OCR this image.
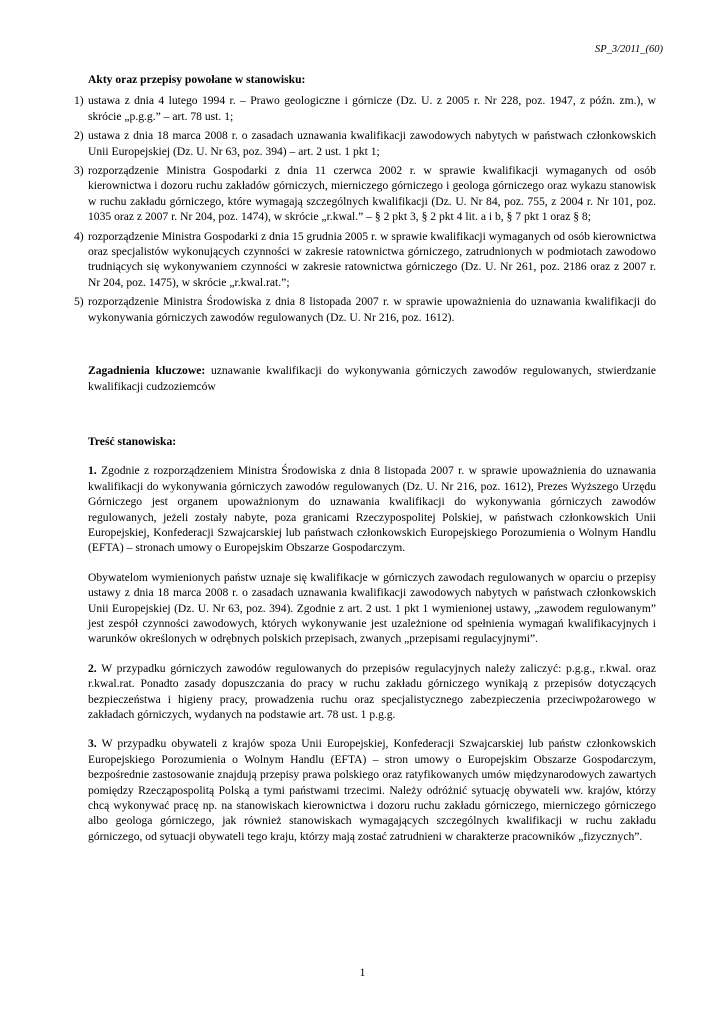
SP_3/2011_(60)

Akty oraz przepisy powołane w stanowisku:

1) ustawa z dnia 4 lutego 1994 r. – Prawo geologiczne i górnicze (Dz. U. z 2005 r. Nr 228, poz. 1947, z późn. zm.), w skrócie „p.g.g.” – art. 78 ust. 1;
2) ustawa z dnia 18 marca 2008 r. o zasadach uznawania kwalifikacji zawodowych nabytych w państwach członkowskich Unii Europejskiej (Dz. U. Nr 63, poz. 394) – art. 2 ust. 1 pkt 1;
3) rozporządzenie Ministra Gospodarki z dnia 11 czerwca 2002 r. w sprawie kwalifikacji wymaganych od osób kierownictwa i dozoru ruchu zakładów górniczych, mierniczego górniczego i geologa górniczego oraz wykazu stanowisk w ruchu zakładu górniczego, które wymagają szczególnych kwalifikacji (Dz. U. Nr 84, poz. 755, z 2004 r. Nr 101, poz. 1035 oraz z 2007 r. Nr 204, poz. 1474), w skrócie „r.kwal.” – § 2 pkt 3, § 2 pkt 4 lit. a i b, § 7 pkt 1 oraz § 8;
4) rozporządzenie Ministra Gospodarki z dnia 15 grudnia 2005 r. w sprawie kwalifikacji wymaganych od osób kierownictwa oraz specjalistów wykonujących czynności w zakresie ratownictwa górniczego, zatrudnionych w podmiotach zawodowo trudniących się wykonywaniem czynności w zakresie ratownictwa górniczego (Dz. U. Nr 261, poz. 2186 oraz z 2007 r. Nr 204, poz. 1475), w skrócie „r.kwal.rat.”;
5) rozporządzenie Ministra Środowiska z dnia 8 listopada 2007 r. w sprawie upoważnienia do uznawania kwalifikacji do wykonywania górniczych zawodów regulowanych (Dz. U. Nr 216, poz. 1612).

Zagadnienia kluczowe: uznawanie kwalifikacji do wykonywania górniczych zawodów regulowanych, stwierdzanie kwalifikacji cudzoziemców

Treść stanowiska:

1. Zgodnie z rozporządzeniem Ministra Środowiska z dnia 8 listopada 2007 r. w sprawie upoważnienia do uznawania kwalifikacji do wykonywania górniczych zawodów regulowanych (Dz. U. Nr 216, poz. 1612), Prezes Wyższego Urzędu Górniczego jest organem upoważnionym do uznawania kwalifikacji do wykonywania górniczych zawodów regulowanych, jeżeli zostały nabyte, poza granicami Rzeczypospolitej Polskiej, w państwach członkowskich Unii Europejskiej, Konfederacji Szwajcarskiej lub państwach członkowskich Europejskiego Porozumienia o Wolnym Handlu (EFTA) – stronach umowy o Europejskim Obszarze Gospodarczym.

Obywatelom wymienionych państw uznaje się kwalifikacje w górniczych zawodach regulowanych w oparciu o przepisy ustawy z dnia 18 marca 2008 r. o zasadach uznawania kwalifikacji zawodowych nabytych w państwach członkowskich Unii Europejskiej (Dz. U. Nr 63, poz. 394). Zgodnie z art. 2 ust. 1 pkt 1 wymienionej ustawy, „zawodem regulowanym” jest zespół czynności zawodowych, których wykonywanie jest uzależnione od spełnienia wymagań kwalifikacyjnych i warunków określonych w odrębnych polskich przepisach, zwanych „przepisami regulacyjnymi”.

2. W przypadku górniczych zawodów regulowanych do przepisów regulacyjnych należy zaliczyć: p.g.g., r.kwal. oraz r.kwal.rat. Ponadto zasady dopuszczania do pracy w ruchu zakładu górniczego wynikają z przepisów dotyczących bezpieczeństwa i higieny pracy, prowadzenia ruchu oraz specjalistycznego zabezpieczenia przeciwpożarowego w zakładach górniczych, wydanych na podstawie art. 78 ust. 1 p.g.g.

3. W przypadku obywateli z krajów spoza Unii Europejskiej, Konfederacji Szwajcarskiej lub państw członkowskich Europejskiego Porozumienia o Wolnym Handlu (EFTA) – stron umowy o Europejskim Obszarze Gospodarczym, bezpośrednie zastosowanie znajdują przepisy prawa polskiego oraz ratyfikowanych umów międzynarodowych zawartych pomiędzy Rzecząpospolitą Polską a tymi państwami trzecimi. Należy odróżnić sytuację obywateli ww. krajów, którzy chcą wykonywać pracę np. na stanowiskach kierownictwa i dozoru ruchu zakładu górniczego, mierniczego górniczego albo geologa górniczego, jak również stanowiskach wymagających szczególnych kwalifikacji w ruchu zakładu górniczego, od sytuacji obywateli tego kraju, którzy mają zostać zatrudnieni w charakterze pracowników „fizycznych”.

1
